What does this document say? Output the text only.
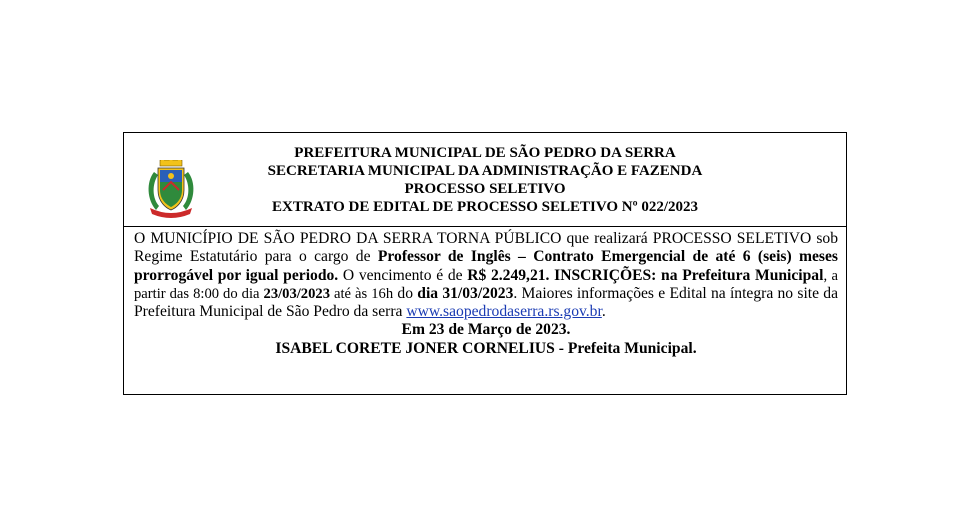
PREFEITURA MUNICIPAL DE SÃO PEDRO DA SERRA
SECRETARIA MUNICIPAL DA ADMINISTRAÇÃO E FAZENDA
PROCESSO SELETIVO
EXTRATO DE EDITAL DE PROCESSO SELETIVO Nº 022/2023

O MUNICÍPIO DE SÃO PEDRO DA SERRA TORNA PÚBLICO que realizará PROCESSO SELETIVO sob Regime Estatutário para o cargo de Professor de Inglês – Contrato Emergencial de até 6 (seis) meses prorrogável por igual periodo. O vencimento é de R$ 2.249,21. INSCRIÇÕES: na Prefeitura Municipal, a partir das 8:00 do dia 23/03/2023 até às 16h do dia 31/03/2023. Maiores informações e Edital na íntegra no site da Prefeitura Municipal de São Pedro da serra www.saopedrodaserra.rs.gov.br.

Em 23 de Março de 2023.
ISABEL CORETE JONER CORNELIUS - Prefeita Municipal.
